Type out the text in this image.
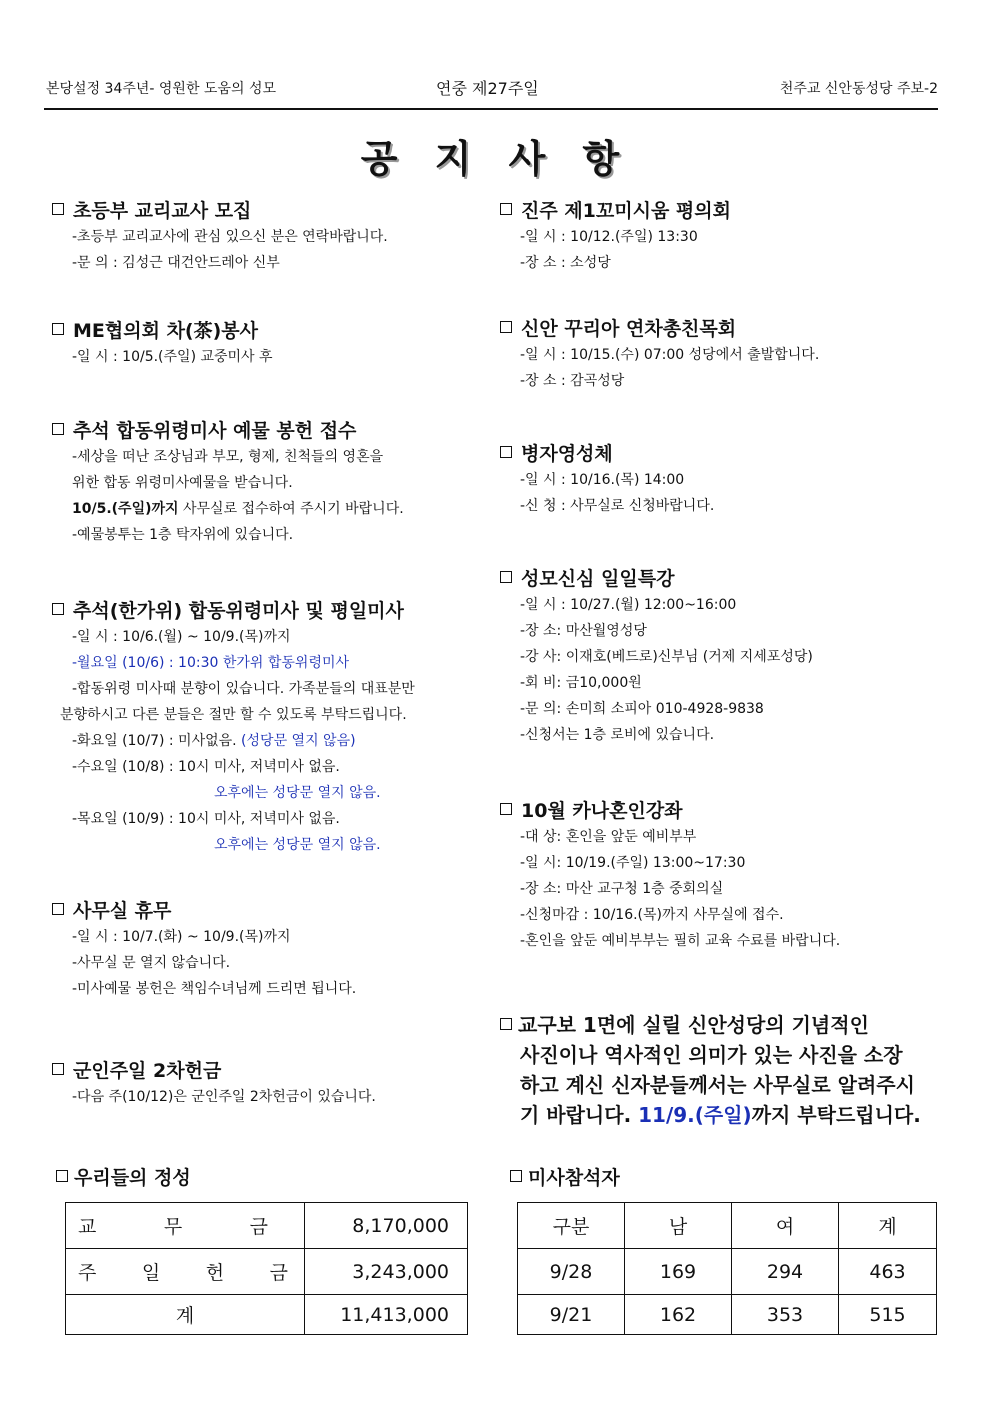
본당설정 34주년- 영원한 도움의 성모	연중 제27주일	천주교 신안동성당 주보-2
공 지 사 항
초등부 교리교사 모집
-초등부 교리교사에 관심 있으신 분은 연락바랍니다.
-문 의 : 김성근 대건안드레아 신부
ME협의회 차(茶)봉사
-일 시 : 10/5.(주일) 교중미사 후
추석 합동위령미사 예물 봉헌 접수
-세상을 떠난 조상님과 부모, 형제, 친척들의 영혼을
위한 합동 위령미사예물을 받습니다.
10/5.(주일)까지 사무실로 접수하여 주시기 바랍니다.
-예물봉투는 1층 탁자위에 있습니다.
추석(한가위) 합동위령미사 및 평일미사
-일 시 : 10/6.(월) ~ 10/9.(목)까지
-월요일 (10/6) : 10:30 한가위 합동위령미사
-합동위령 미사때 분향이 있습니다. 가족분들의 대표분만
분향하시고 다른 분들은 절만 할 수 있도록 부탁드립니다.
-화요일 (10/7) : 미사없음. (성당문 열지 않음)
-수요일 (10/8) : 10시 미사, 저녁미사 없음.
오후에는 성당문 열지 않음.
-목요일 (10/9) : 10시 미사, 저녁미사 없음.
오후에는 성당문 열지 않음.
사무실 휴무
-일 시 : 10/7.(화) ~ 10/9.(목)까지
-사무실 문 열지 않습니다.
-미사예물 봉헌은 책임수녀님께 드리면 됩니다.
군인주일 2차헌금
-다음 주(10/12)은 군인주일 2차헌금이 있습니다.
진주 제1꼬미시움 평의회
-일 시 : 10/12.(주일) 13:30
-장 소 : 소성당
신안 꾸리아 연차총친목회
-일 시 : 10/15.(수) 07:00 성당에서 출발합니다.
-장 소 : 감곡성당
병자영성체
-일 시 : 10/16.(목) 14:00
-신 청 : 사무실로 신청바랍니다.
성모신심 일일특강
-일 시 : 10/27.(월) 12:00~16:00
-장 소: 마산월영성당
-강 사: 이재호(베드로)신부님 (거제 지세포성당)
-회 비: 금10,000원
-문 의: 손미희 소피아 010-4928-9838
-신청서는 1층 로비에 있습니다.
10월 카나혼인강좌
-대 상: 혼인을 앞둔 예비부부
-일 시: 10/19.(주일) 13:00~17:30
-장 소: 마산 교구청 1층 중회의실
-신청마감 : 10/16.(목)까지 사무실에 접수.
-혼인을 앞둔 예비부부는 필히 교육 수료를 바랍니다.
교구보 1면에 실릴 신안성당의 기념적인
사진이나 역사적인 의미가 있는 사진을 소장
하고 계신 신자분들께서는 사무실로 알려주시
기 바랍니다. 11/9.(주일)까지 부탁드립니다.
우리들의 정성
교 무 금	8,170,000
주 일 헌 금	3,243,000
계	11,413,000
미사참석자
구분	남	여	계
9/28	169	294	463
9/21	162	353	515
